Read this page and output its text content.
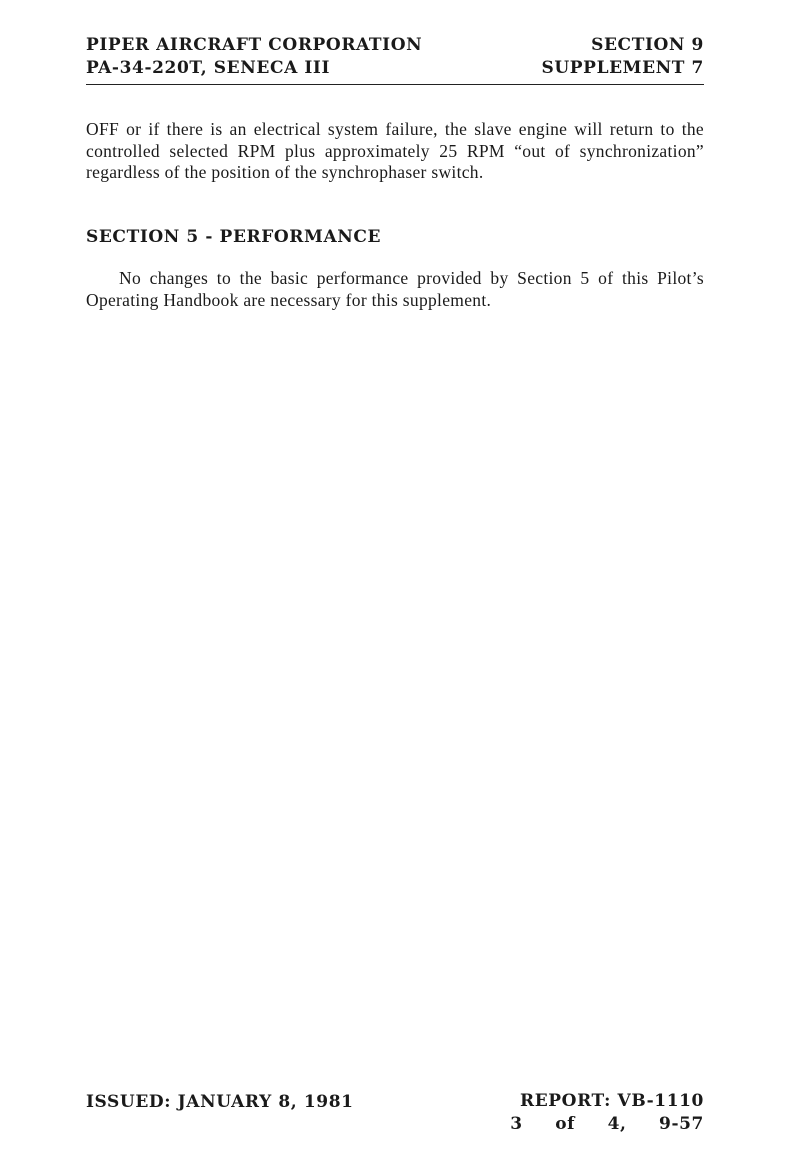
PIPER AIRCRAFT CORPORATION
PA-34-220T, SENECA III
SECTION 9
SUPPLEMENT 7
OFF or if there is an electrical system failure, the slave engine will return to the controlled selected RPM plus approximately 25 RPM “out of synchronization” regardless of the position of the synchrophaser switch.
SECTION 5 - PERFORMANCE
No changes to the basic performance provided by Section 5 of this Pilot’s Operating Handbook are necessary for this supplement.
ISSUED: JANUARY 8, 1981	REPORT: VB-1110
3 of 4, 9-57
